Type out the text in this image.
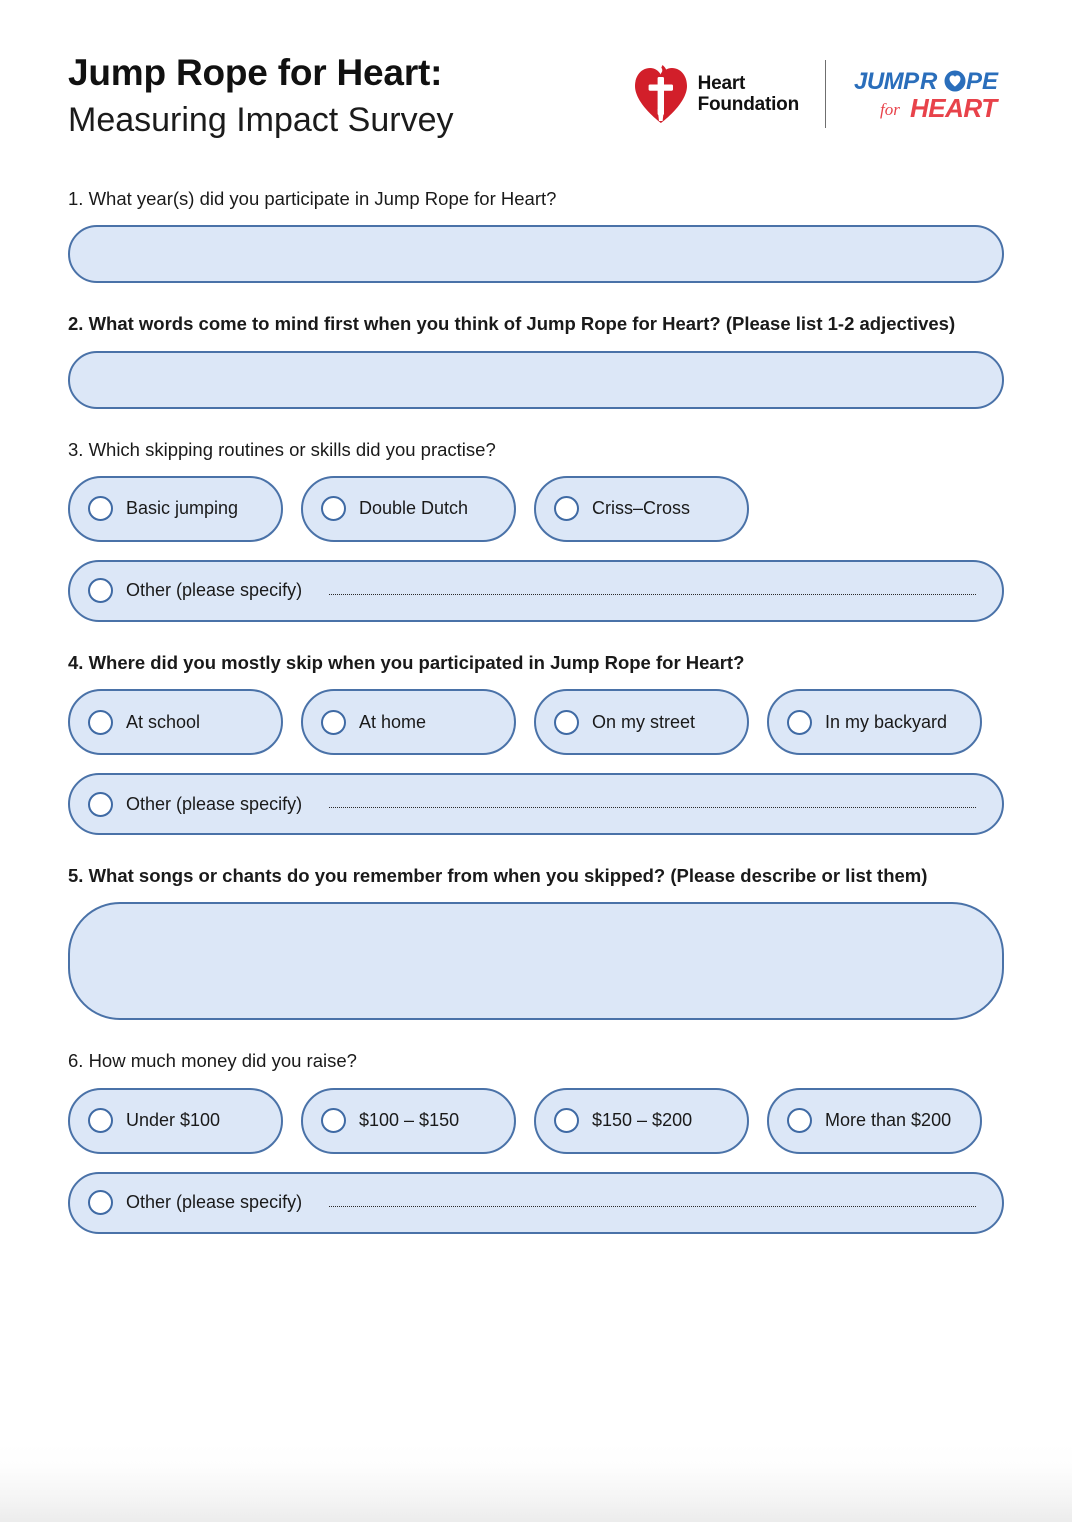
Jump Rope for Heart:
Measuring Impact Survey
Heart
Foundation
JUMP R PE
for HEART
1. What year(s) did you participate in Jump Rope for Heart?
2. What words come to mind first when you think of Jump Rope for Heart? (Please list 1-2 adjectives)
3. Which skipping routines or skills did you practise?
Basic jumping	Double Dutch	Criss–Cross
Other (please specify)
4. Where did you mostly skip when you participated in Jump Rope for Heart?
At school	At home	On my street	In my backyard
Other (please specify)
5. What songs or chants do you remember from when you skipped? (Please describe or list them)
6. How much money did you raise?
Under $100	$100 – $150	$150 – $200	More than $200
Other (please specify)
